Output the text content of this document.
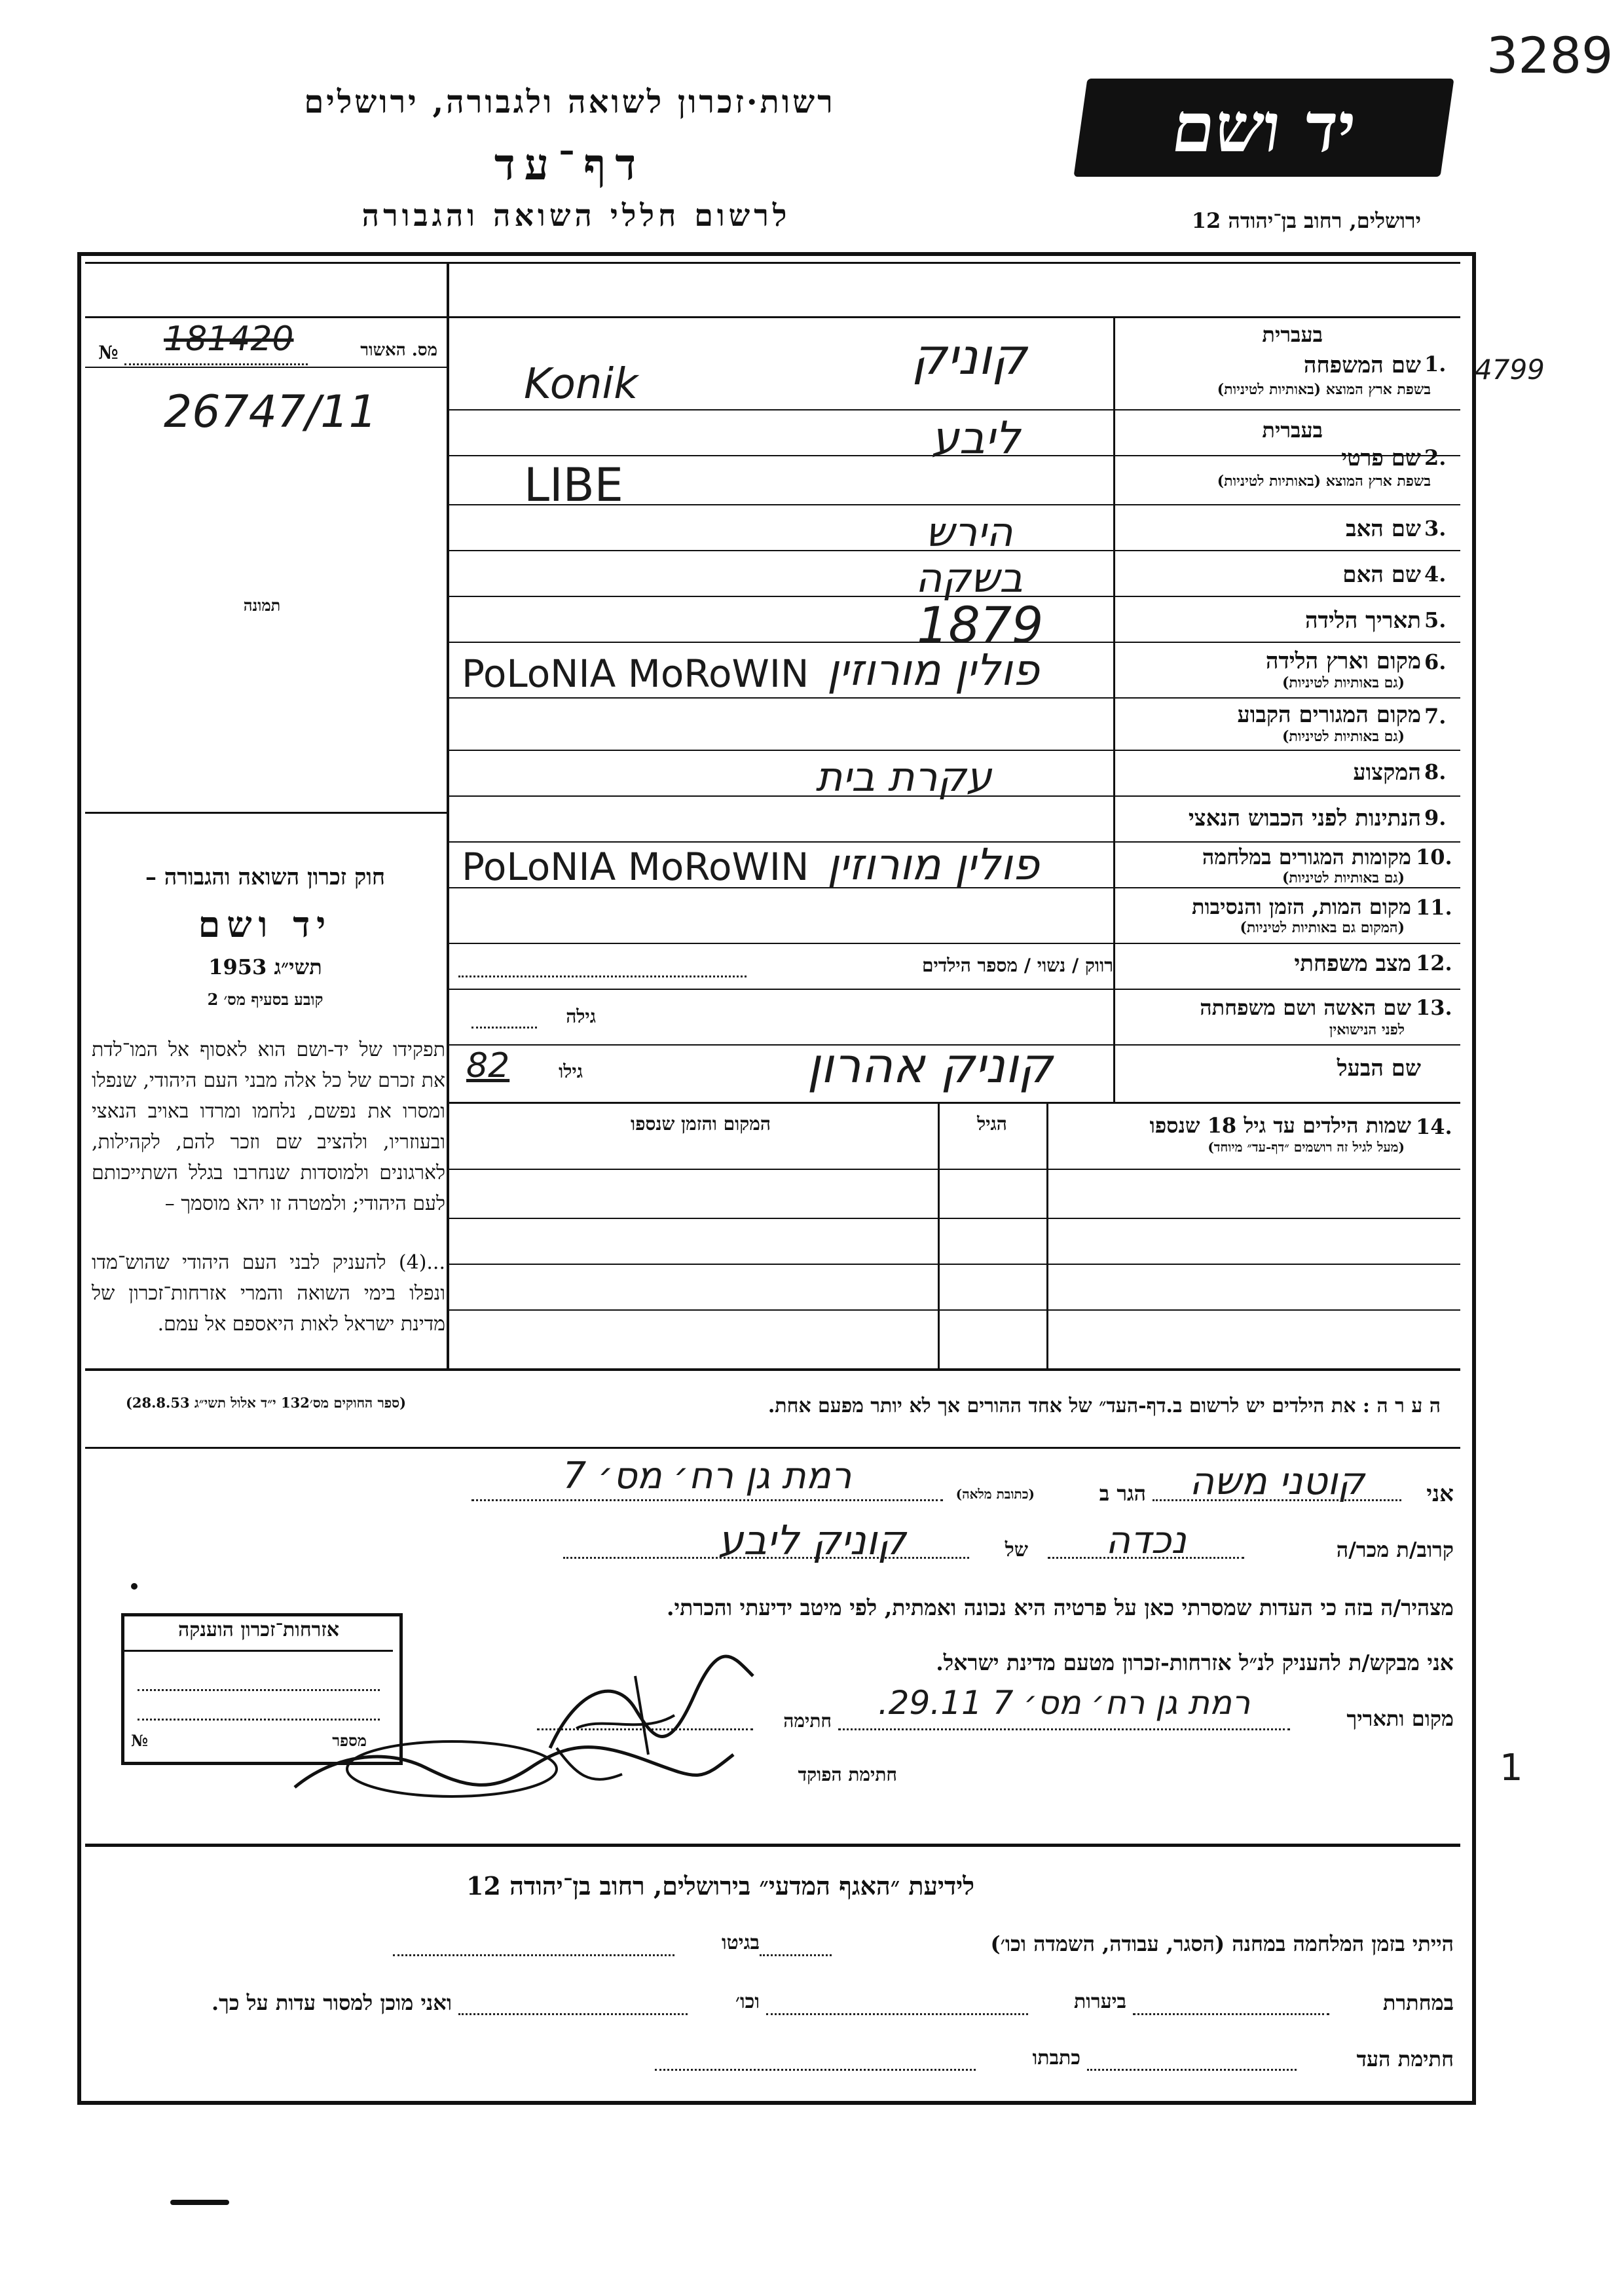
3289
רשות·זכרון לשואה ולגבורה, ירושלים
דף־עד
לרשום חללי השואה והגבורה
יד ושם
ירושלים, רחוב בן־יהודה 12
מס. האשור
№ 181420
26747/11
תמונה
חוק זכרון השואה והגבורה –
יד ושם
תשי״ג 1953
קובע בסעיף מס׳ 2
תפקידו של יד-ושם הוא לאסוף אל המו־לדת את זכרם של כל אלה מבני העם היהודי, שנפלו ומסרו את נפשם, נלחמו ומרדו באויב הנאצי ובעוזריו, ולהציב שם וזכר להם, לקהילות, לארגונים ולמוסדות שנחרבו בגלל השתייכותם לעם היהודי; ולמטרה זו יהא מוסמך –
...(4) להעניק לבני העם היהודי שהוש־מדו ונפלו בימי השואה והמרי אזרחות־זכרון של מדינת ישראל לאות היאספם אל עמם.
(ספר החוקים מס׳132 י״ד אלול תשי״ג 28.8.53)
בעברית
1.
שם המשפחה
בשפת ארץ המוצא (באותיות לטיניות)
בעברית
2.
שם פרטי
בשפת ארץ המוצא (באותיות לטיניות)
3.
שם האב
4.
שם האם
5.
תאריך הלידה
6.
מקום וארץ הלידה
(גם באותיות לטיניות)
7.
מקום המגורים הקבוע
(גם באותיות לטיניות)
8.
המקצוע
9.
הנתינות לפני הכבוש הנאצי
10.
מקומות המגורים במלחמה
(גם באותיות לטיניות)
11.
מקום המות, הזמן והנסיבות
(המקום גם באותיות לטיניות)
12.
מצב משפחתי
רווק / נשוי / מספר הילדים
13.
שם האשה ושם משפחתה
לפני הנישואין
גילה
שם הבעל
גילו
82	קוניק אהרון
14.
שמות הילדים עד גיל 18 שנספו
(מעל לגיל זה רושמים ״דף-עד״ מיוחד)
הגיל
המקום והזמן שנספו
קוניק
Konik
ליבע
LIBE
הירש
בשקה
1879
פולין מורוזין
PoLoNIA MoRoWIN
עקרת בית
פולין מורוזין
PoLoNIA MoRoWIN
4799
1
ה ע ר ה : את הילדים יש לרשום ב.דף-העד״ של אחד ההורים אך לא יותר מפעם אחת.
אני
קוטני משה
הגר ב
(כתובת מלאה)
רמת גן רח׳ מס׳ 7
קרוב/ת מכר/ה
נכדה
של
קוניק ליבע
מצהיר/ה בזה כי העדות שמסרתי כאן על פרטיה היא נכונה ואמתית, לפי מיטב ידיעתי והכרתי.
אני מבקש/ת להעניק לנ״ל אזרחות-זכרון מטעם מדינת ישראל.
מקום ותאריך
רמת גן רח׳ מס׳ 7 29.11.
חתימה
חתימת הפוקד
אזרחות־זכרון הוענקה
מספר
№
לידיעת ״האגף המדעי״ בירושלים, רחוב בן־יהודה 12
הייתי בזמן המלחמה במחנה (הסגר, עבודה, השמדה וכו׳)
בגיטו
במחתרת
ביערות
וכו׳
ואני מוכן למסור עדות על כך.
חתימת העד
כתבתו
